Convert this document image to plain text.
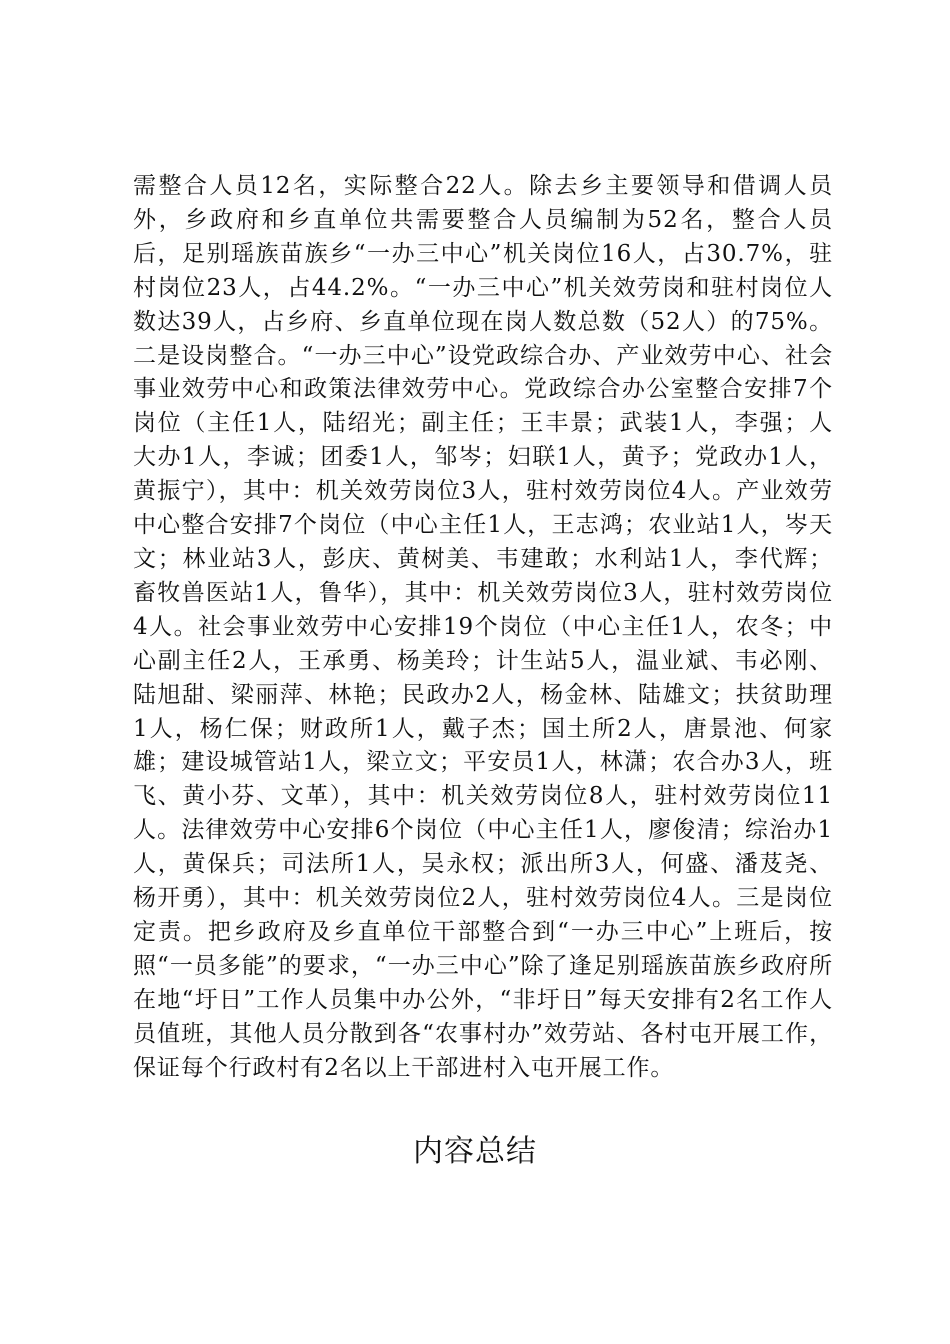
需整合人员12名，实际整合22人。除去乡主要领导和借调人员外，乡政府和乡直单位共需要整合人员编制为52名，整合人员后，足别瑶族苗族乡“一办三中心”机关岗位16人，占30.7%，驻村岗位23人，占44.2%。“一办三中心”机关效劳岗和驻村岗位人数达39人，占乡府、乡直单位现在岗人数总数（52人）的75%。二是设岗整合。“一办三中心”设党政综合办、产业效劳中心、社会事业效劳中心和政策法律效劳中心。党政综合办公室整合安排7个岗位（主任1人，陆绍光；副主任；王丰景；武装1人，李强；人大办1人，李诚；团委1人，邹岑；妇联1人，黄予；党政办1人，黄振宁），其中：机关效劳岗位3人，驻村效劳岗位4人。产业效劳中心整合安排7个岗位（中心主任1人，王志鸿；农业站1人，岑天文；林业站3人，彭庆、黄树美、韦建敢；水利站1人，李代辉；畜牧兽医站1人，鲁华），其中：机关效劳岗位3人，驻村效劳岗位4人。社会事业效劳中心安排19个岗位（中心主任1人，农冬；中心副主任2人，王承勇、杨美玲；计生站5人，温业斌、韦必刚、陆旭甜、梁丽萍、林艳；民政办2人，杨金林、陆雄文；扶贫助理1人，杨仁保；财政所1人，戴子杰；国土所2人，唐景池、何家雄；建设城管站1人，梁立文；平安员1人，林潇；农合办3人，班飞、黄小芬、文革），其中：机关效劳岗位8人，驻村效劳岗位11人。法律效劳中心安排6个岗位（中心主任1人，廖俊清；综治办1人，黄保兵；司法所1人，吴永权；派出所3人，何盛、潘芨尧、杨开勇），其中：机关效劳岗位2人，驻村效劳岗位4人。三是岗位定责。把乡政府及乡直单位干部整合到“一办三中心”上班后，按照“一员多能”的要求，“一办三中心”除了逢足别瑶族苗族乡政府所在地“圩日”工作人员集中办公外，“非圩日”每天安排有2名工作人员值班，其他人员分散到各“农事村办”效劳站、各村屯开展工作，保证每个行政村有2名以上干部进村入屯开展工作。

内容总结
